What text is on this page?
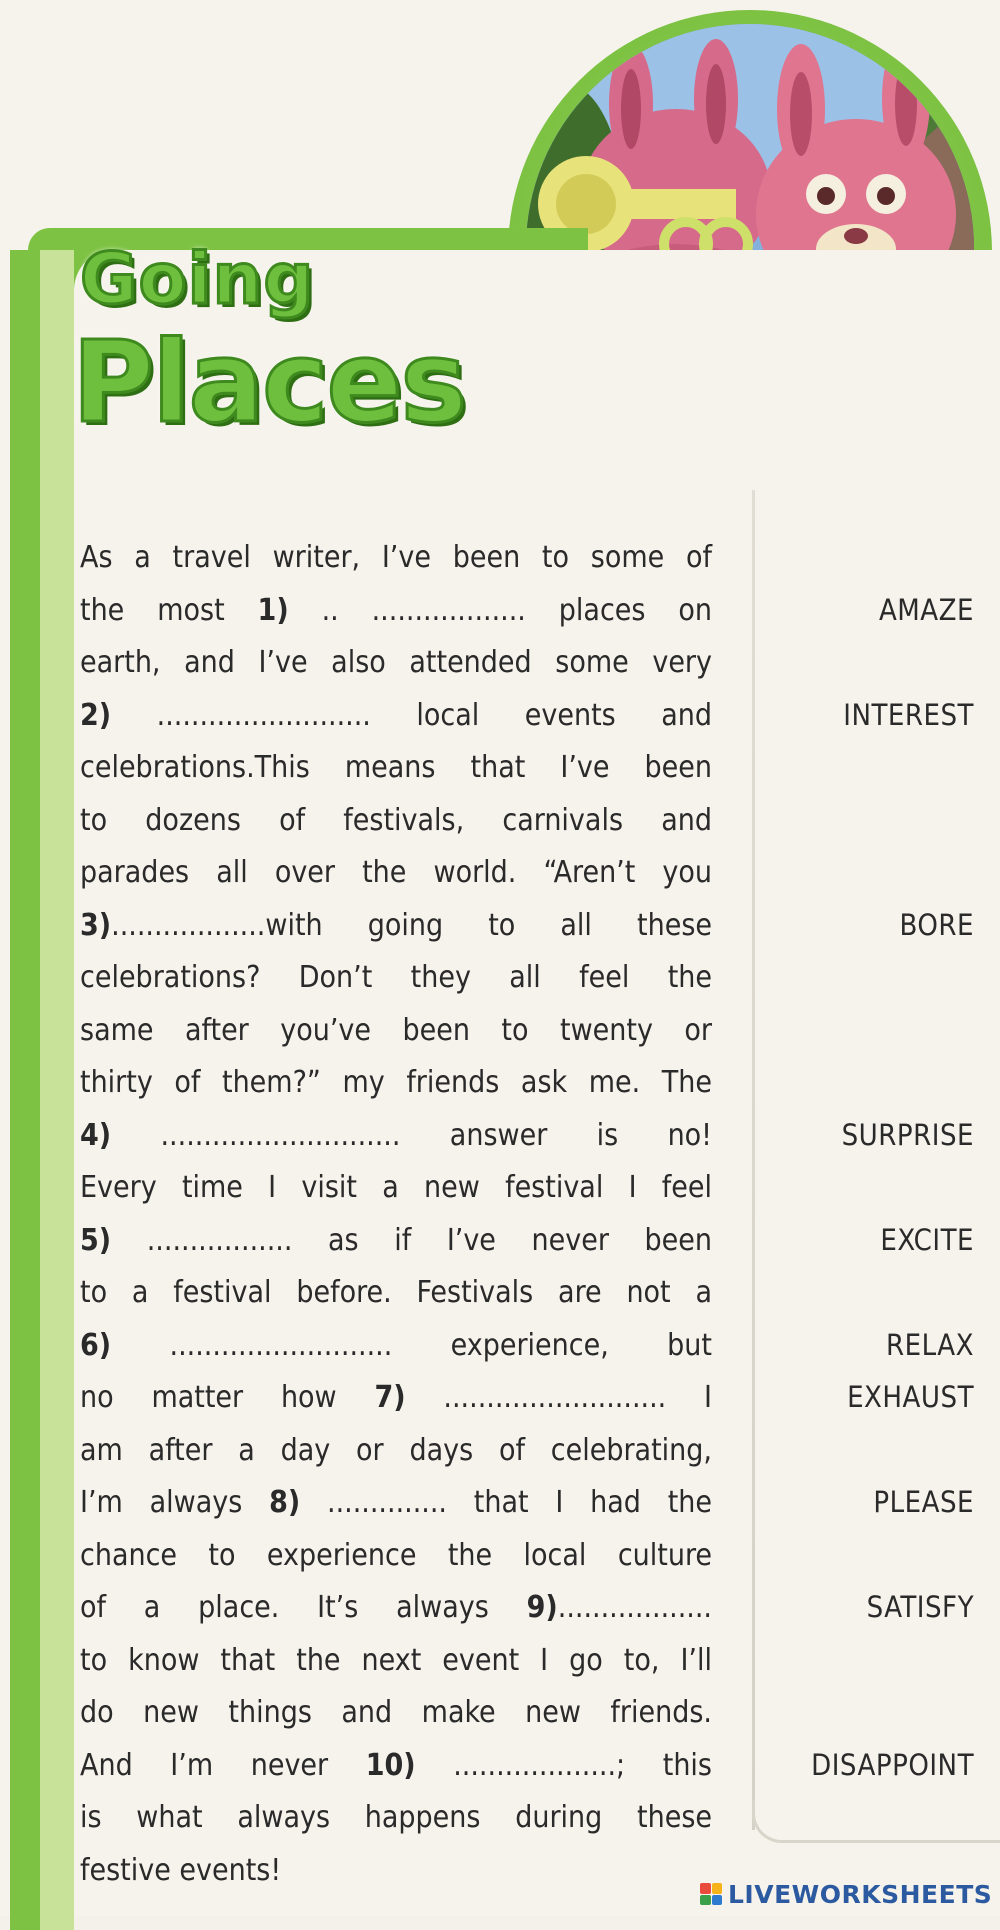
Going
Places
As a travel writer, I’ve been to some of
the most 1) .. .................. places on
earth, and I’ve also attended some very
2) ......................... local events and
celebrations.This means that I’ve been
to dozens of festivals, carnivals and
parades all over the world. “Aren’t you
3)..................with going to all these
celebrations? Don’t they all feel the
same after you’ve been to twenty or
thirty of them?” my friends ask me. The
4) ............................ answer is no!
Every time I visit a new festival I feel
5) ................. as if I’ve never been
to a festival before. Festivals are not a
6) .......................... experience, but
no matter how 7) .......................... I
am after a day or days of celebrating,
I’m always 8) .............. that I had the
chance to experience the local culture
of a place. It’s always 9)..................
to know that the next event I go to, I’ll
do new things and make new friends.
And I’m never 10) ...................; this
is what always happens during these
festive events!
AMAZE
INTEREST
BORE
SURPRISE
EXCITE
RELAX
EXHAUST
PLEASE
SATISFY
DISAPPOINT
LIVEWORKSHEETS
